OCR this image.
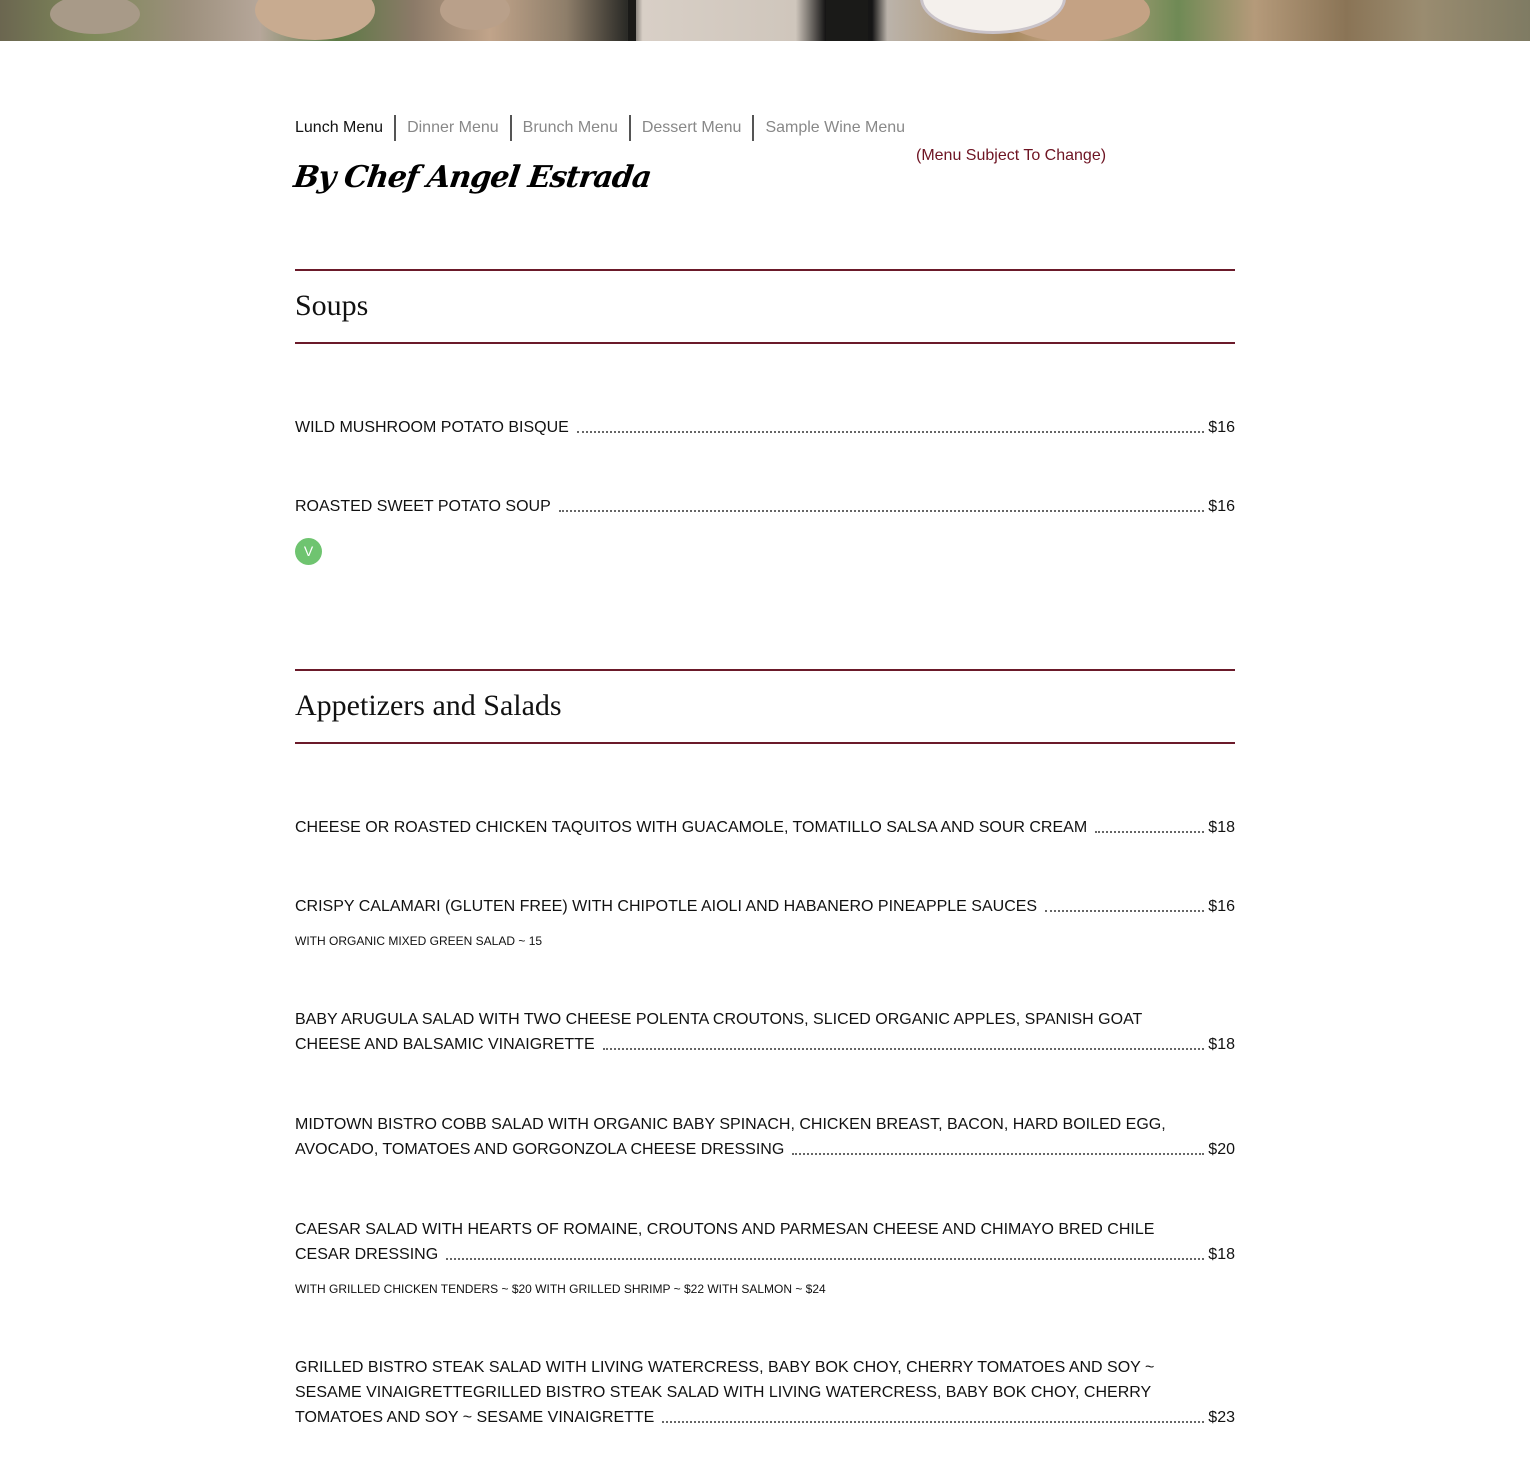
Lunch Menu Dinner Menu Brunch Menu Dessert Menu Sample Wine Menu
(Menu Subject To Change)
By Chef Angel Estrada
Soups
WILD MUSHROOM POTATO BISQUE	$16
ROASTED SWEET POTATO SOUP	$16
V
Appetizers and Salads
CHEESE OR ROASTED CHICKEN TAQUITOS WITH GUACAMOLE, TOMATILLO SALSA AND SOUR CREAM	$18
CRISPY CALAMARI (GLUTEN FREE) WITH CHIPOTLE AIOLI AND HABANERO PINEAPPLE SAUCES	$16
WITH ORGANIC MIXED GREEN SALAD ~ 15
BABY ARUGULA SALAD WITH TWO CHEESE POLENTA CROUTONS, SLICED ORGANIC APPLES, SPANISH GOAT
CHEESE AND BALSAMIC VINAIGRETTE	$18
MIDTOWN BISTRO COBB SALAD WITH ORGANIC BABY SPINACH, CHICKEN BREAST, BACON, HARD BOILED EGG,
AVOCADO, TOMATOES AND GORGONZOLA CHEESE DRESSING	$20
CAESAR SALAD WITH HEARTS OF ROMAINE, CROUTONS AND PARMESAN CHEESE AND CHIMAYO BRED CHILE
CESAR DRESSING	$18
WITH GRILLED CHICKEN TENDERS ~ $20 WITH GRILLED SHRIMP ~ $22 WITH SALMON ~ $24
GRILLED BISTRO STEAK SALAD WITH LIVING WATERCRESS, BABY BOK CHOY, CHERRY TOMATOES AND SOY ~
SESAME VINAIGRETTEGRILLED BISTRO STEAK SALAD WITH LIVING WATERCRESS, BABY BOK CHOY, CHERRY
TOMATOES AND SOY ~ SESAME VINAIGRETTE	$23
